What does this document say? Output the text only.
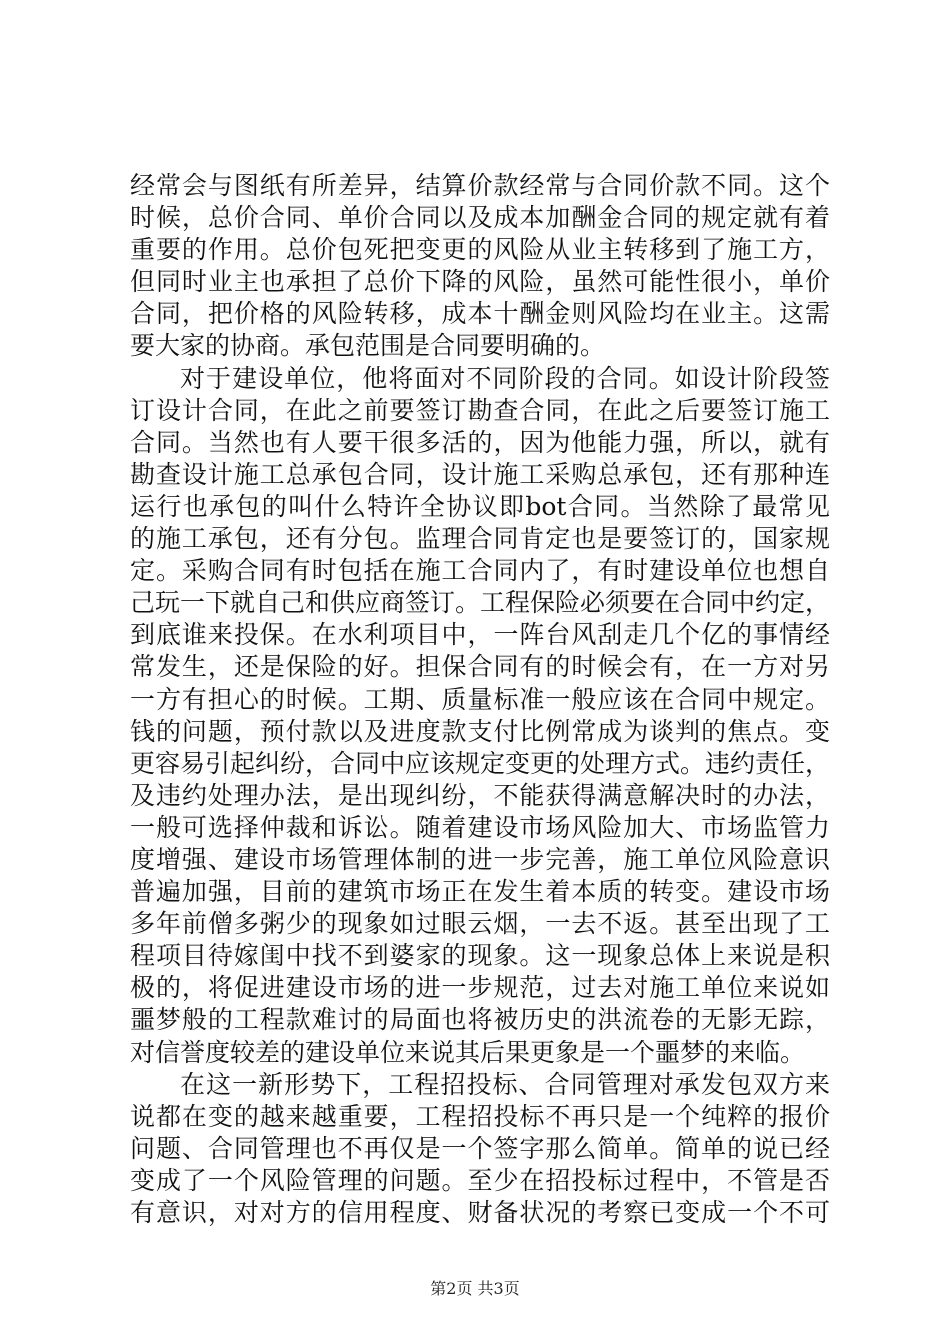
经常会与图纸有所差异，结算价款经常与合同价款不同。这个
时候，总价合同、单价合同以及成本加酬金合同的规定就有着
重要的作用。总价包死把变更的风险从业主转移到了施工方，
但同时业主也承担了总价下降的风险，虽然可能性很小，单价
合同，把价格的风险转移，成本十酬金则风险均在业主。这需
要大家的协商。承包范围是合同要明确的。
对于建设单位，他将面对不同阶段的合同。如设计阶段签
订设计合同，在此之前要签订勘查合同，在此之后要签订施工
合同。当然也有人要干很多活的，因为他能力强，所以，就有
勘查设计施工总承包合同，设计施工采购总承包，还有那种连
运行也承包的叫什么特许全协议即bot合同。当然除了最常见
的施工承包，还有分包。监理合同肯定也是要签订的，国家规
定。采购合同有时包括在施工合同内了，有时建设单位也想自
己玩一下就自己和供应商签订。工程保险必须要在合同中约定，
到底谁来投保。在水利项目中，一阵台风刮走几个亿的事情经
常发生，还是保险的好。担保合同有的时候会有，在一方对另
一方有担心的时候。工期、质量标准一般应该在合同中规定。
钱的问题，预付款以及进度款支付比例常成为谈判的焦点。变
更容易引起纠纷，合同中应该规定变更的处理方式。违约责任，
及违约处理办法，是出现纠纷，不能获得满意解决时的办法，
一般可选择仲裁和诉讼。随着建设市场风险加大、市场监管力
度增强、建设市场管理体制的进一步完善，施工单位风险意识
普遍加强，目前的建筑市场正在发生着本质的转变。建设市场
多年前僧多粥少的现象如过眼云烟，一去不返。甚至出现了工
程项目待嫁闺中找不到婆家的现象。这一现象总体上来说是积
极的，将促进建设市场的进一步规范，过去对施工单位来说如
噩梦般的工程款难讨的局面也将被历史的洪流卷的无影无踪，
对信誉度较差的建设单位来说其后果更象是一个噩梦的来临。
在这一新形势下，工程招投标、合同管理对承发包双方来
说都在变的越来越重要，工程招投标不再只是一个纯粹的报价
问题、合同管理也不再仅是一个签字那么简单。简单的说已经
变成了一个风险管理的问题。至少在招投标过程中，不管是否
有意识，对对方的信用程度、财备状况的考察已变成一个不可
第2页 共3页
